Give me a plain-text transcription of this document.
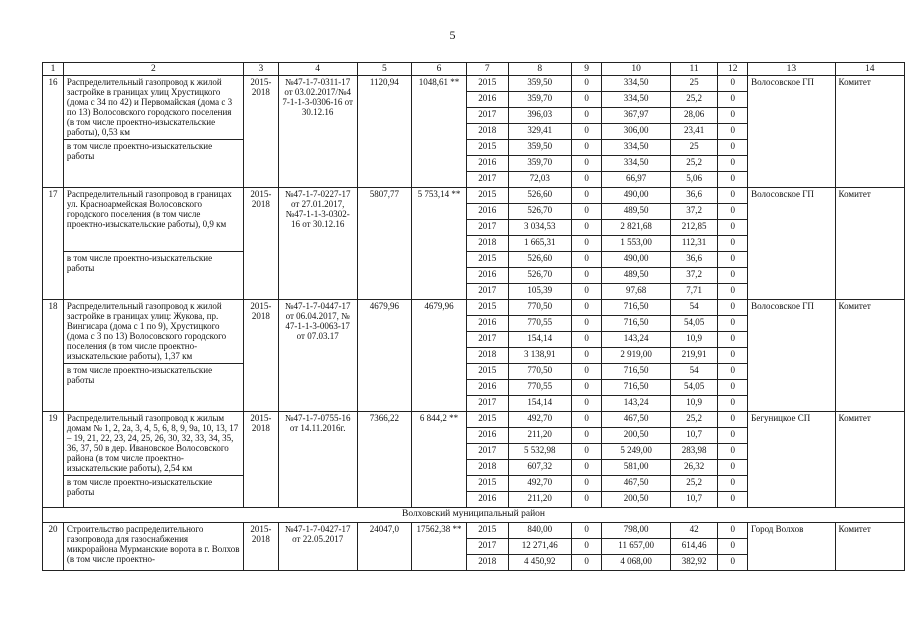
5
1	2	3	4	5	6	7	8	9	10	11	12	13	14
16	Распределительный газопровод к жилой застройке в границах улиц Хрустицкого (дома с 34 по 42) и Первомайская (дома с 3 по 13) Волосовского городского поселения (в том числе проектно-изыскательские работы), 0,53 км	2015-2018	№47-1-7-0311-17 от 03.02.2017/№4 7-1-1-3-0306-16 от 30.12.16	1120,94	1048,61 **	2015	359,50	0	334,50	25	0	Волосовское ГП	Комитет
						2016	359,70	0	334,50	25,2	0		
						2017	396,03	0	367,97	28,06	0		
						2018	329,41	0	306,00	23,41	0		
	в том числе проектно-изыскательские работы					2015	359,50	0	334,50	25	0		
						2016	359,70	0	334,50	25,2	0		
						2017	72,03	0	66,97	5,06	0		
17	Распределительный газопровод в границах ул. Красноармейская Волосовского городского поселения (в том числе проектно-изыскательские работы), 0,9 км	2015-2018	№47-1-7-0227-17 от 27.01.2017, №47-1-1-3-0302-16 от 30.12.16	5807,77	5 753,14 **	2015	526,60	0	490,00	36,6	0	Волосовское ГП	Комитет
						2016	526,70	0	489,50	37,2	0		
						2017	3 034,53	0	2 821,68	212,85	0		
						2018	1 665,31	0	1 553,00	112,31	0		
	в том числе проектно-изыскательские работы					2015	526,60	0	490,00	36,6	0		
						2016	526,70	0	489,50	37,2	0		
						2017	105,39	0	97,68	7,71	0		
18	Распределительный газопровод к жилой застройке в границах улиц: Жукова, пр. Вингисара (дома с 1 по 9), Хрустицкого (дома с 3 по 13) Волосовского городского поселения (в том числе проектно-изыскательские работы), 1,37 км	2015-2018	№47-1-7-0447-17 от 06.04.2017, № 47-1-1-3-0063-17 от 07.03.17	4679,96	4679,96	2015	770,50	0	716,50	54	0	Волосовское ГП	Комитет
						2016	770,55	0	716,50	54,05	0		
						2017	154,14	0	143,24	10,9	0		
						2018	3 138,91	0	2 919,00	219,91	0		
	в том числе проектно-изыскательские работы					2015	770,50	0	716,50	54	0		
						2016	770,55	0	716,50	54,05	0		
						2017	154,14	0	143,24	10,9	0		
19	Распределительный газопровод к жилым домам № 1, 2, 2а, 3, 4, 5, 6, 8, 9, 9а, 10, 13, 17 – 19, 21, 22, 23, 24, 25, 26, 30, 32, 33, 34, 35, 36, 37, 50 в дер. Ивановское Волосовского района (в том числе проектно-изыскательские работы), 2,54 км	2015-2018	№47-1-7-0755-16 от 14.11.2016г.	7366,22	6 844,2 **	2015	492,70	0	467,50	25,2	0	Бегуницкое СП	Комитет
						2016	211,20	0	200,50	10,7	0		
						2017	5 532,98	0	5 249,00	283,98	0		
						2018	607,32	0	581,00	26,32	0		
	в том числе проектно-изыскательские работы					2015	492,70	0	467,50	25,2	0		
						2016	211,20	0	200,50	10,7	0		
Волховский муниципальный район													
20	Строительство распределительного газопровода для газоснабжения микрорайона Мурманские ворота в г. Волхов (в том числе проектно-	2015-2018	№47-1-7-0427-17 от 22.05.2017	24047,0	17562,38 **	2015	840,00	0	798,00	42	0	Город Волхов	Комитет
						2017	12 271,46	0	11 657,00	614,46	0		
						2018	4 450,92	0	4 068,00	382,92	0		
